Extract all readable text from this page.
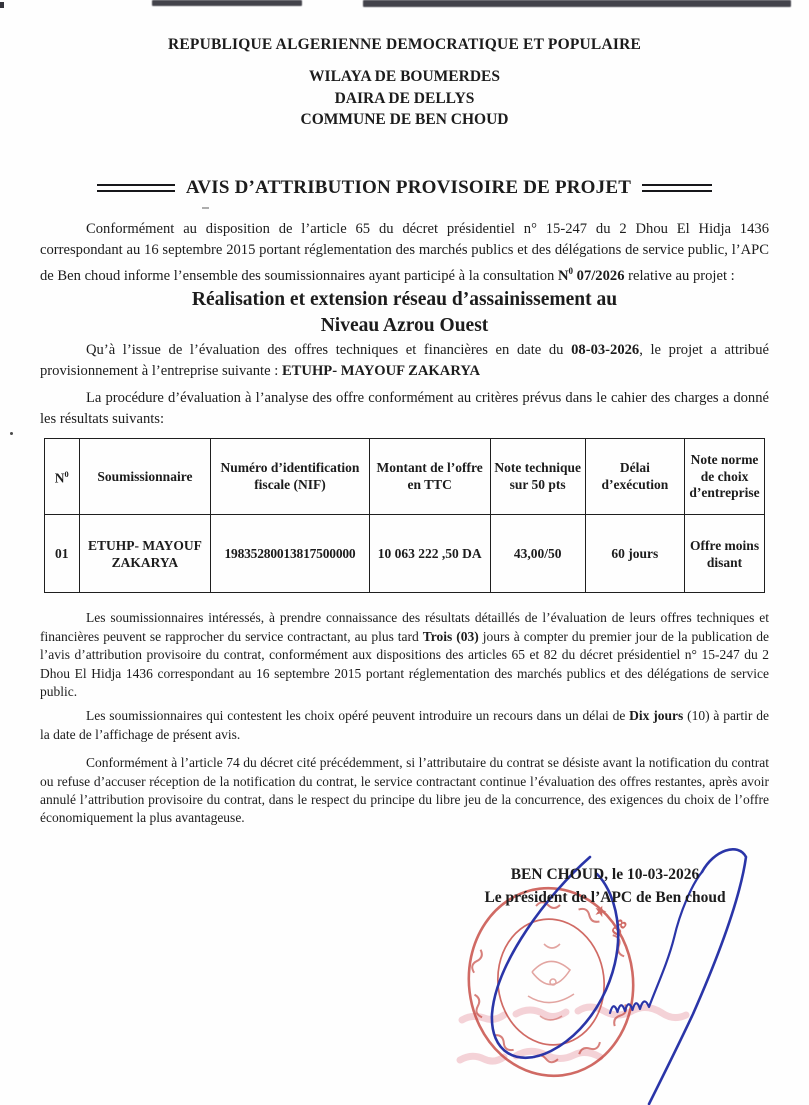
REPUBLIQUE ALGERIENNE DEMOCRATIQUE ET POPULAIRE
WILAYA DE BOUMERDES
DAIRA DE DELLYS
COMMUNE DE BEN CHOUD
AVIS D’ATTRIBUTION PROVISOIRE DE PROJET

Conformément au disposition de l’article 65 du décret présidentiel n° 15-247 du 2 Dhou El Hidja 1436 correspondant au 16 septembre 2015 portant réglementation des marchés publics et des délégations de service public, l’APC de Ben choud informe l’ensemble des soumissionnaires ayant participé à la consultation $N^0$ 07/2026 relative au projet :

Réalisation et extension réseau d’assainissement au
Niveau Azrou Ouest

Qu’à l’issue de l’évaluation des offres techniques et financières en date du 08-03-2026, le projet a attribué provisionnement à l’entreprise suivante : ETUHP- MAYOUF ZAKARYA

La procédure d’évaluation à l’analyse des offre conformément au critères prévus dans le cahier des charges a donné les résultats suivants:

$N^0$	Soumissionnaire	Numéro d’identification fiscale (NIF)	Montant de l’offre en TTC	Note technique sur 50 pts	Délai d’exécution	Note norme de choix d’entreprise
01	ETUHP- MAYOUF ZAKARYA	19835280013817500000	10 063 222 ,50 DA	43,00/50	60 jours	Offre moins disant

Les soumissionnaires intéressés, à prendre connaissance des résultats détaillés de l’évaluation de leurs offres techniques et financières peuvent se rapprocher du service contractant, au plus tard Trois (03) jours à compter du premier jour de la publication de l’avis d’attribution provisoire du contrat, conformément aux dispositions des articles 65 et 82 du décret présidentiel n° 15-247 du 2 Dhou El Hidja 1436 correspondant au 16 septembre 2015 portant réglementation des marchés publics et des délégations de service public.

Les soumissionnaires qui contestent les choix opéré peuvent introduire un recours dans un délai de Dix jours (10) à partir de la date de l’affichage de présent avis.

Conformément à l’article 74 du décret cité précédemment, si l’attributaire du contrat se désiste avant la notification du contrat ou refuse d’accuser réception de la notification du contrat, le service contractant continue l’évaluation des offres restantes, après avoir annulé l’attribution provisoire du contrat, dans le respect du principe du libre jeu de la concurrence, des exigences du choix de l’offre économiquement la plus avantageuse.

BEN CHOUD, le 10-03-2026
Le président de l’APC de Ben choud
★
08
